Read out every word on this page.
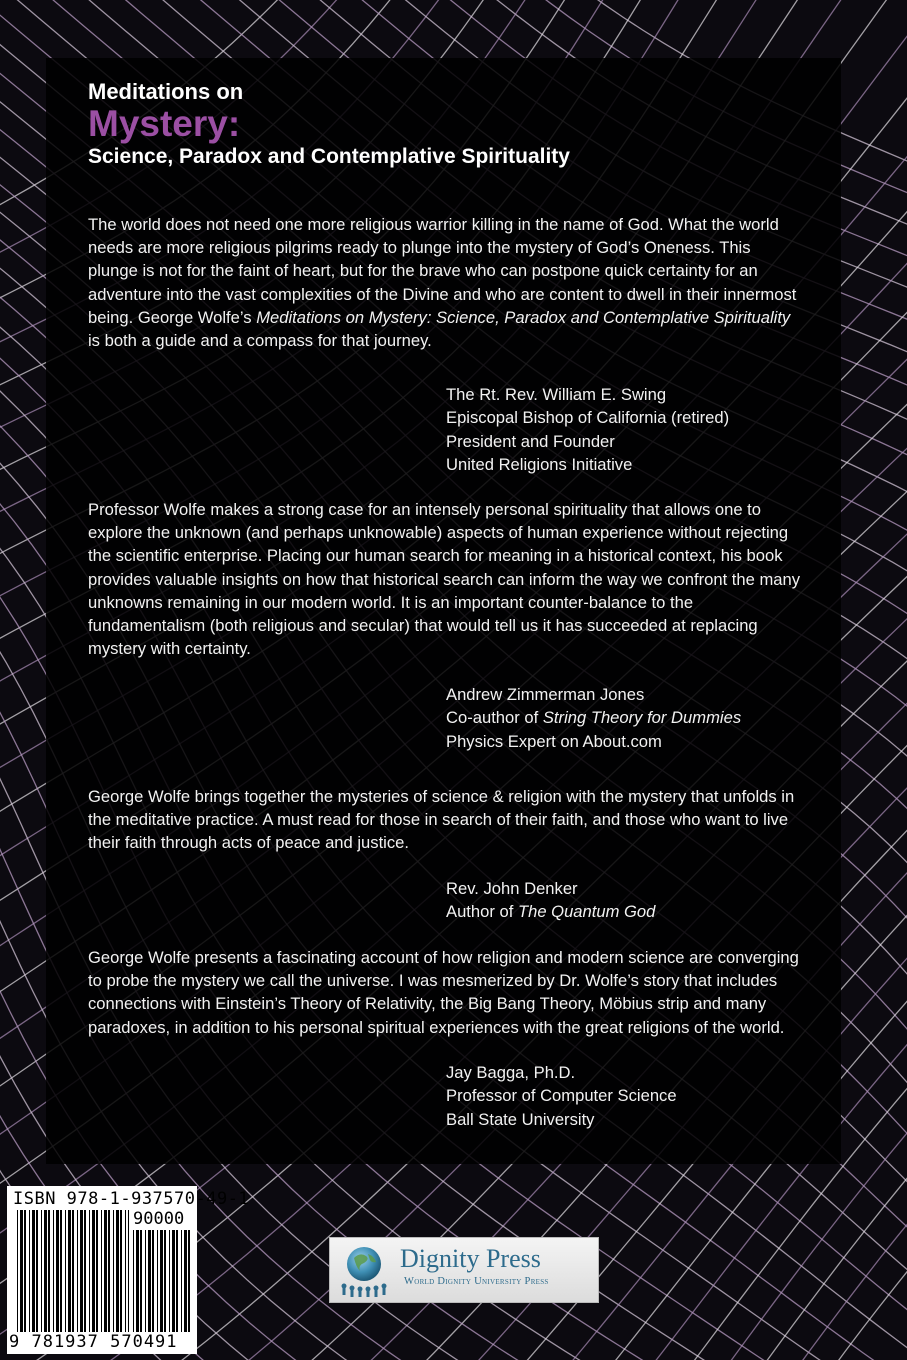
Meditations on
Mystery:
Science, Paradox and Contemplative Spirituality

The world does not need one more religious warrior killing in the name of God. What the world needs are more religious pilgrims ready to plunge into the mystery of God’s Oneness. This plunge is not for the faint of heart, but for the brave who can postpone quick certainty for an adventure into the vast complexities of the Divine and who are content to dwell in their innermost being. George Wolfe’s Meditations on Mystery: Science, Paradox and Contemplative Spirituality is both a guide and a compass for that journey.

The Rt. Rev. William E. Swing
Episcopal Bishop of California (retired)
President and Founder
United Religions Initiative

Professor Wolfe makes a strong case for an intensely personal spirituality that allows one to explore the unknown (and perhaps unknowable) aspects of human experience without rejecting the scientific enterprise. Placing our human search for meaning in a historical context, his book provides valuable insights on how that historical search can inform the way we confront the many unknowns remaining in our modern world. It is an important counter-balance to the fundamentalism (both religious and secular) that would tell us it has succeeded at replacing mystery with certainty.

Andrew Zimmerman Jones
Co-author of String Theory for Dummies
Physics Expert on About.com

George Wolfe brings together the mysteries of science & religion with the mystery that unfolds in the meditative practice. A must read for those in search of their faith, and those who want to live their faith through acts of peace and justice.

Rev. John Denker
Author of The Quantum God

George Wolfe presents a fascinating account of how religion and modern science are converging to probe the mystery we call the universe. I was mesmerized by Dr. Wolfe’s story that includes connections with Einstein’s Theory of Relativity, the Big Bang Theory, Möbius strip and many paradoxes, in addition to his personal spiritual experiences with the great religions of the world.

Jay Bagga, Ph.D.
Professor of Computer Science
Ball State University
ISBN 978-1-937570-49-1
90000
9 781937 570491
Dignity Press
World Dignity University Press
